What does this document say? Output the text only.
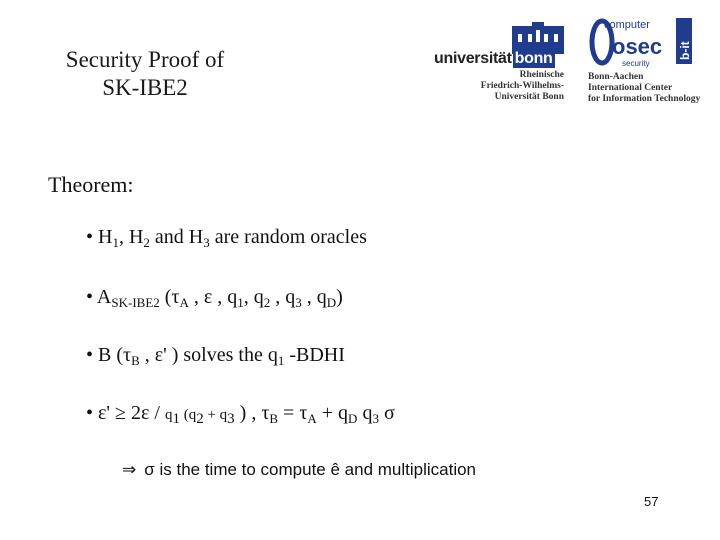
Security Proof of
SK-IBE2
universität bonn
Rheinische
Friedrich-Wilhelms-
Universität Bonn
computer
osec
security
b-it
Bonn-Aachen
International Center
for Information Technology
Theorem:
• $H_1$, $H_2$ and $H_3$ are random oracles
• $A_{SK-IBE2}$ ($\tau_A$ , ε , $q_1$, $q_2$ , $q_3$ , $q_D$)
• B ($\tau_B$ , ε' ) solves the $q_1$ -BDHI
• $\varepsilon' \ge 2\varepsilon / q_1$ ($q_2 + q_3$ ) , $\tau_B = \tau_A + q_D$ $q_3$ σ
⇒ σ is the time to compute ê and multiplication
57
